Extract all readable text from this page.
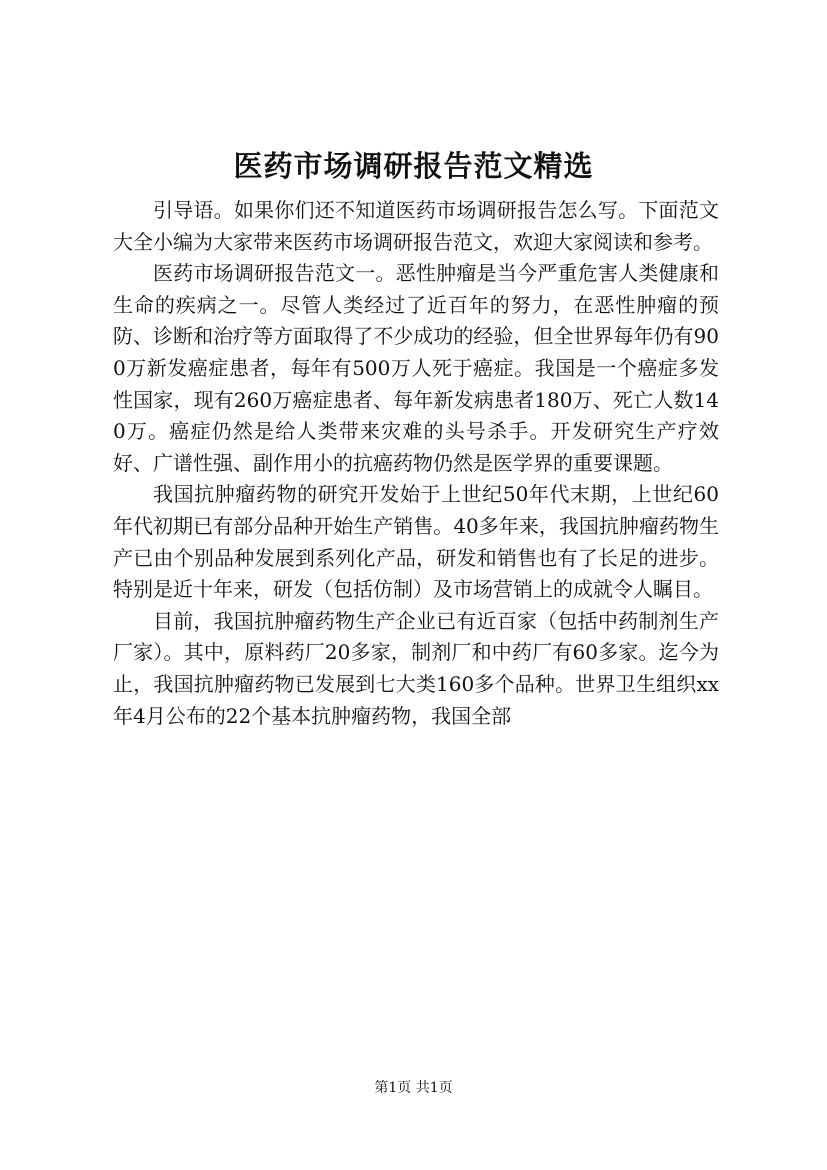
医药市场调研报告范文精选

引导语。如果你们还不知道医药市场调研报告怎么写。下面范文大全小编为大家带来医药市场调研报告范文，欢迎大家阅读和参考。

医药市场调研报告范文一。恶性肿瘤是当今严重危害人类健康和生命的疾病之一。尽管人类经过了近百年的努力，在恶性肿瘤的预防、诊断和治疗等方面取得了不少成功的经验，但全世界每年仍有900万新发癌症患者，每年有500万人死于癌症。我国是一个癌症多发性国家，现有260万癌症患者、每年新发病患者180万、死亡人数140万。癌症仍然是给人类带来灾难的头号杀手。开发研究生产疗效好、广谱性强、副作用小的抗癌药物仍然是医学界的重要课题。

我国抗肿瘤药物的研究开发始于上世纪50年代末期，上世纪60年代初期已有部分品种开始生产销售。40多年来，我国抗肿瘤药物生产已由个别品种发展到系列化产品，研发和销售也有了长足的进步。特别是近十年来，研发（包括仿制）及市场营销上的成就令人瞩目。

目前，我国抗肿瘤药物生产企业已有近百家（包括中药制剂生产厂家）。其中，原料药厂20多家，制剂厂和中药厂有60多家。迄今为止，我国抗肿瘤药物已发展到七大类160多个品种。世界卫生组织xx年4月公布的22个基本抗肿瘤药物，我国全部

第1页 共1页
